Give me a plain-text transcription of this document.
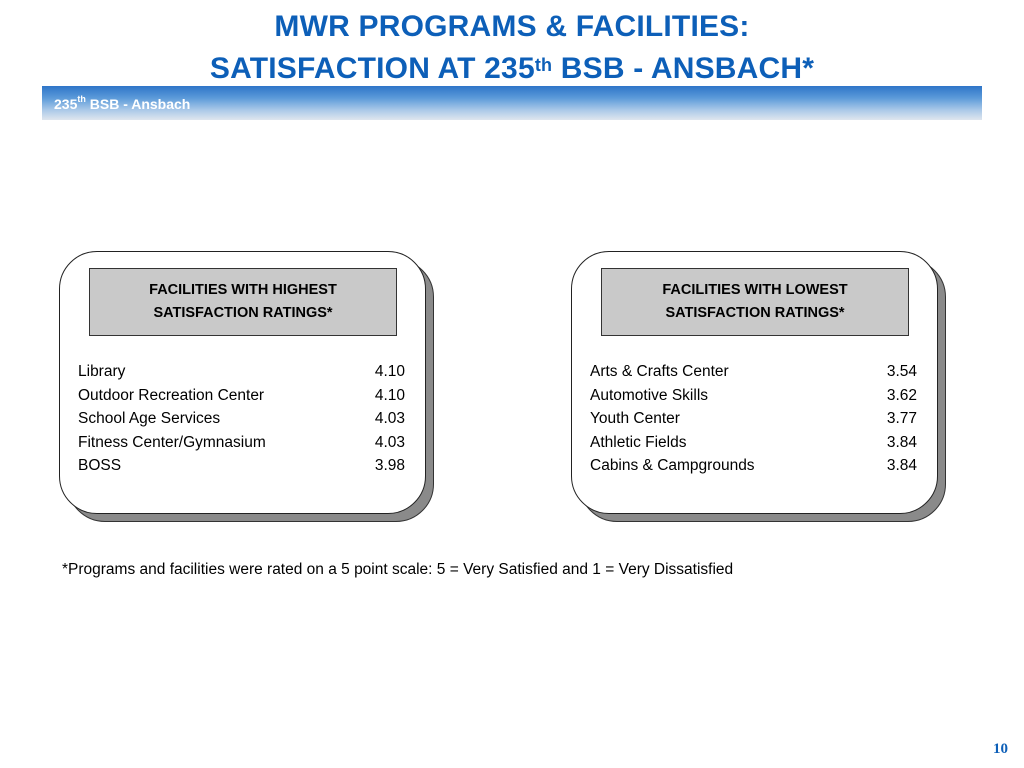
MWR PROGRAMS & FACILITIES:
SATISFACTION AT 235th BSB - ANSBACH*
235th BSB - Ansbach
FACILITIES WITH HIGHEST
SATISFACTION RATINGS*
Library	4.10
Outdoor Recreation Center	4.10
School Age Services	4.03
Fitness Center/Gymnasium	4.03
BOSS	3.98
FACILITIES WITH LOWEST
SATISFACTION RATINGS*
Arts & Crafts Center	3.54
Automotive Skills	3.62
Youth Center	3.77
Athletic Fields	3.84
Cabins & Campgrounds	3.84
*Programs and facilities were rated on a 5 point scale: 5 = Very Satisfied and 1 = Very Dissatisfied
10
